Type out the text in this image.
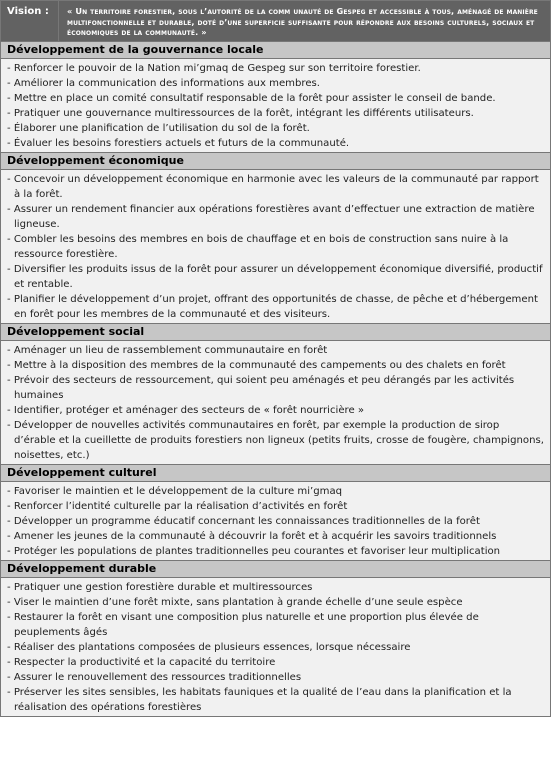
Vision :	« Un territoire forestier, sous l’autorité de la comm unauté de Gespeg et accessible à tous, aménagé de manière multifonctionnelle et durable, doté d’une superficie suffisante pour répondre aux besoins culturels, sociaux et économiques de la communauté. »
Développement de la gouvernance locale

- Renforcer le pouvoir de la Nation mi’gmaq de Gespeg sur son territoire forestier.
- Améliorer la communication des informations aux membres.
- Mettre en place un comité consultatif responsable de la forêt pour assister le conseil de bande.
- Pratiquer une gouvernance multiressources de la forêt, intégrant les différents utilisateurs.
- Élaborer une planification de l’utilisation du sol de la forêt.
- Évaluer les besoins forestiers actuels et futurs de la communauté.

Développement économique

- Concevoir un développement économique en harmonie avec les valeurs de la communauté par rapport à la forêt.
- Assurer un rendement financier aux opérations forestières avant d’effectuer une extraction de matière ligneuse.
- Combler les besoins des membres en bois de chauffage et en bois de construction sans nuire à la ressource forestière.
- Diversifier les produits issus de la forêt pour assurer un développement économique diversifié, productif et rentable.
- Planifier le développement d’un projet, offrant des opportunités de chasse, de pêche et d’hébergement en forêt pour les membres de la communauté et des visiteurs.

Développement social

- Aménager un lieu de rassemblement communautaire en forêt
- Mettre à la disposition des membres de la communauté des campements ou des chalets en forêt
- Prévoir des secteurs de ressourcement, qui soient peu aménagés et peu dérangés par les activités humaines
- Identifier, protéger et aménager des secteurs de « forêt nourricière »
- Développer de nouvelles activités communautaires en forêt, par exemple la production de sirop d’érable et la cueillette de produits forestiers non ligneux (petits fruits, crosse de fougère, champignons, noisettes, etc.)

Développement culturel

- Favoriser le maintien et le développement de la culture mi’gmaq
- Renforcer l’identité culturelle par la réalisation d’activités en forêt
- Développer un programme éducatif concernant les connaissances traditionnelles de la forêt
- Amener les jeunes de la communauté à découvrir la forêt et à acquérir les savoirs traditionnels
- Protéger les populations de plantes traditionnelles peu courantes et favoriser leur multiplication

Développement durable

- Pratiquer une gestion forestière durable et multiressources
- Viser le maintien d’une forêt mixte, sans plantation à grande échelle d’une seule espèce
- Restaurer la forêt en visant une composition plus naturelle et une proportion plus élevée de peuplements âgés
- Réaliser des plantations composées de plusieurs essences, lorsque nécessaire
- Respecter la productivité et la capacité du territoire
- Assurer le renouvellement des ressources traditionnelles
- Préserver les sites sensibles, les habitats fauniques et la qualité de l’eau dans la planification et la réalisation des opérations forestières
